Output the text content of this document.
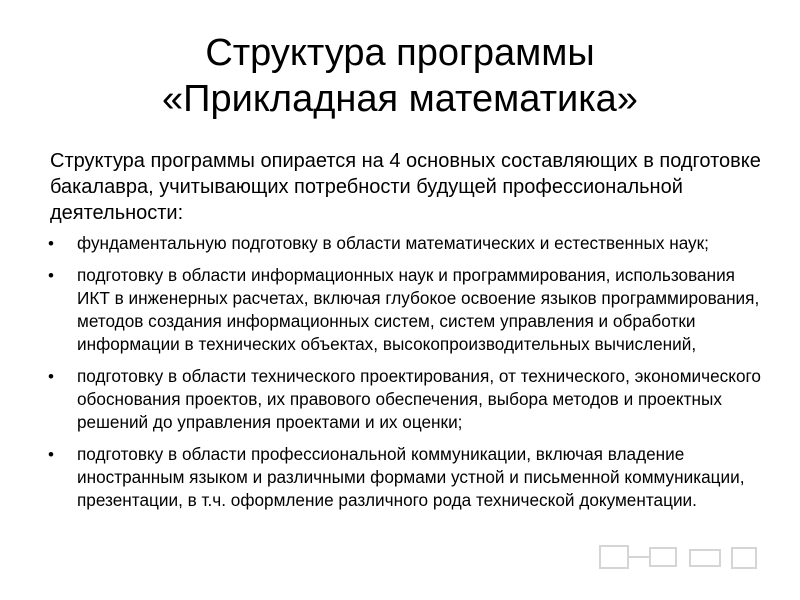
Структура программы
«Прикладная математика»
Структура программы опирается на 4 основных составляющих в подготовке бакалавра, учитывающих потребности будущей профессиональной деятельности:
•	фундаментальную подготовку в области математических и естественных наук;
•	подготовку в области информационных наук и программирования, использования ИКТ в инженерных расчетах, включая глубокое освоение языков программирования, методов создания информационных систем, систем управления и обработки информации в технических объектах, высокопроизводительных вычислений,
•	подготовку в области технического проектирования, от технического, экономического обоснования проектов, их правового обеспечения, выбора методов и проектных решений до управления проектами и их оценки;
•	подготовку в области профессиональной коммуникации, включая владение иностранным языком и различными формами устной и письменной коммуникации, презентации, в т.ч. оформление различного рода технической документации.
